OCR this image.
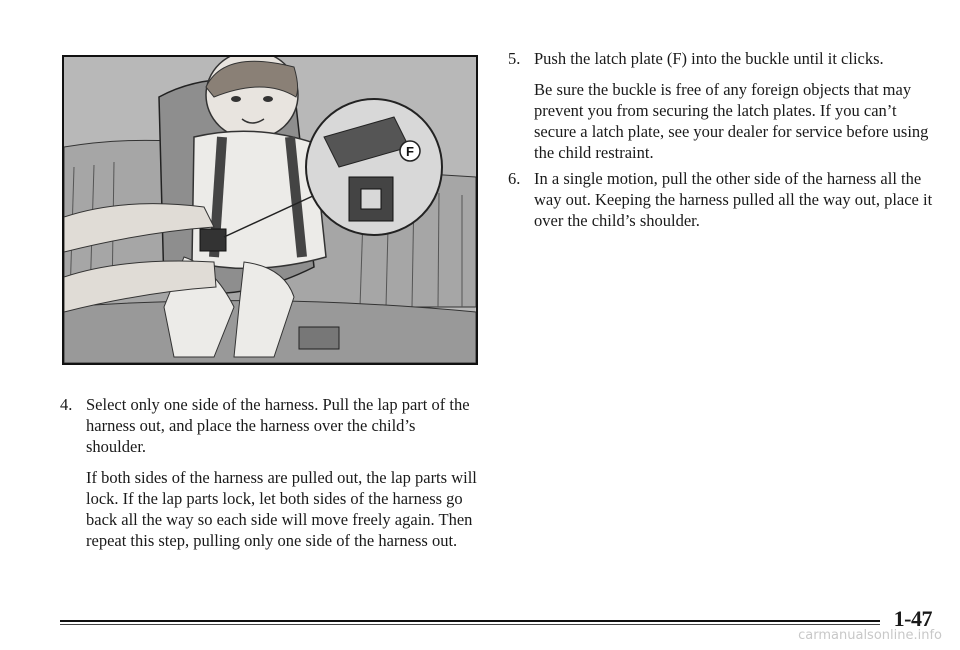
F
4. Select only one side of the harness. Pull the lap part of the harness out, and place the harness over the child’s shoulder.

If both sides of the harness are pulled out, the lap parts will lock. If the lap parts lock, let both sides of the harness go back all the way so each side will move freely again. Then repeat this step, pulling only one side of the harness out.

5. Push the latch plate (F) into the buckle until it clicks.

Be sure the buckle is free of any foreign objects that may prevent you from securing the latch plates. If you can’t secure a latch plate, see your dealer for service before using the child restraint.

6. In a single motion, pull the other side of the harness all the way out. Keeping the harness pulled all the way out, place it over the child’s shoulder.

1-47
carmanualsonline.info
